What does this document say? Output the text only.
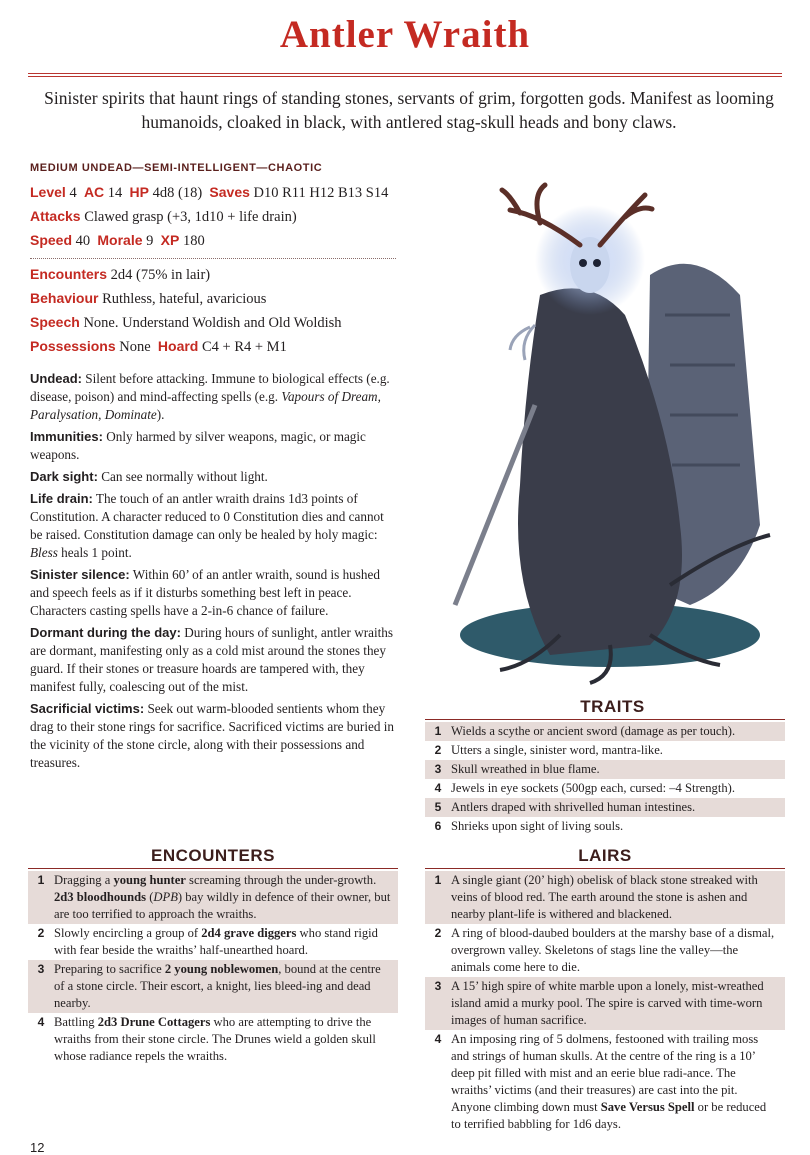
Antler Wraith
Sinister spirits that haunt rings of standing stones, servants of grim, forgotten gods. Manifest as looming humanoids, cloaked in black, with antlered stag-skull heads and bony claws.
MEDIUM UNDEAD—SEMI-INTELLIGENT—CHAOTIC
Level 4 AC 14 HP 4d8 (18) Saves D10 R11 H12 B13 S14
Attacks Clawed grasp (+3, 1d10 + life drain)
Speed 40 Morale 9 XP 180
Encounters 2d4 (75% in lair)
Behaviour Ruthless, hateful, avaricious
Speech None. Understand Woldish and Old Woldish
Possessions None Hoard C4 + R4 + M1

Undead: Silent before attacking. Immune to biological effects (e.g. disease, poison) and mind-affecting spells (e.g. Vapours of Dream, Paralysation, Dominate).

Immunities: Only harmed by silver weapons, magic, or magic weapons.

Dark sight: Can see normally without light.

Life drain: The touch of an antler wraith drains 1d3 points of Constitution. A character reduced to 0 Constitution dies and cannot be raised. Constitution damage can only be healed by holy magic: Bless heals 1 point.

Sinister silence: Within 60’ of an antler wraith, sound is hushed and speech feels as if it disturbs something best left in peace. Characters casting spells have a 2-in-6 chance of failure.

Dormant during the day: During hours of sunlight, antler wraiths are dormant, manifesting only as a cold mist around the stones they guard. If their stones or treasure hoards are tampered with, they manifest fully, coalescing out of the mist.

Sacrificial victims: Seek out warm-blooded sentients whom they drag to their stone rings for sacrifice. Sacrificed victims are buried in the vicinity of the stone circle, along with their possessions and treasures.

TRAITS
1 Wields a scythe or ancient sword (damage as per touch).
2 Utters a single, sinister word, mantra-like.
3 Skull wreathed in blue flame.
4 Jewels in eye sockets (500gp each, cursed: –4 Strength).
5 Antlers draped with shrivelled human intestines.
6 Shrieks upon sight of living souls.
ENCOUNTERS
1 Dragging a young hunter screaming through the under-growth. 2d3 bloodhounds (DPB) bay wildly in defence of their owner, but are too terrified to approach the wraiths.
2 Slowly encircling a group of 2d4 grave diggers who stand rigid with fear beside the wraiths’ half-unearthed hoard.
3 Preparing to sacrifice 2 young noblewomen, bound at the centre of a stone circle. Their escort, a knight, lies bleed-ing and dead nearby.
4 Battling 2d3 Drune Cottagers who are attempting to drive the wraiths from their stone circle. The Drunes wield a golden skull whose radiance repels the wraiths.
LAIRS
1 A single giant (20’ high) obelisk of black stone streaked with veins of blood red. The earth around the stone is ashen and nearby plant-life is withered and blackened.
2 A ring of blood-daubed boulders at the marshy base of a dismal, overgrown valley. Skeletons of stags line the valley—the animals come here to die.
3 A 15’ high spire of white marble upon a lonely, mist-wreathed island amid a murky pool. The spire is carved with time-worn images of human sacrifice.
4 An imposing ring of 5 dolmens, festooned with trailing moss and strings of human skulls. At the centre of the ring is a 10’ deep pit filled with mist and an eerie blue radi-ance. The wraiths’ victims (and their treasures) are cast into the pit. Anyone climbing down must Save Versus Spell or be reduced to terrified babbling for 1d6 days.
12
